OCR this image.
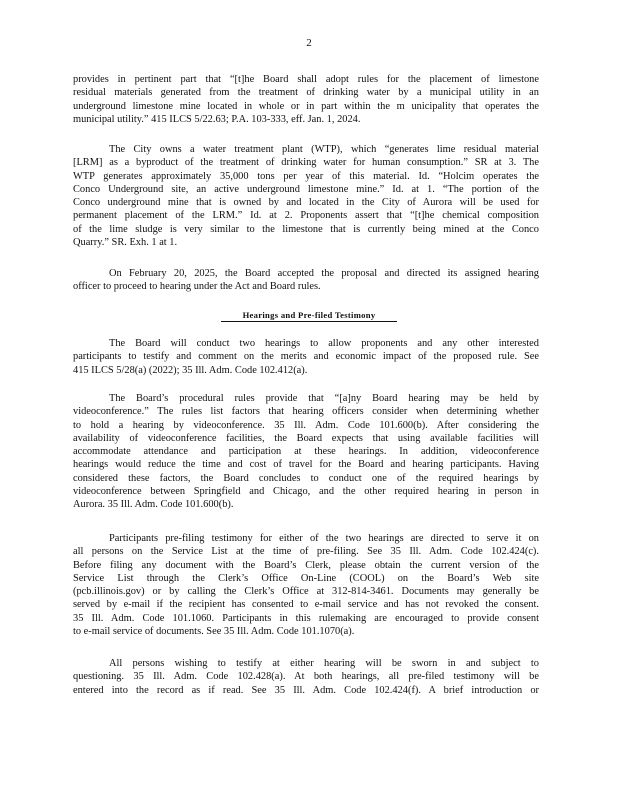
2
provides in pertinent part that “[t]he Board shall adopt rules for the placement of limestone
residual materials generated from the treatment of drinking water by a municipal utility in an
underground limestone mine located in whole or in part within the m unicipality that operates the
municipal utility.” 415 ILCS 5/22.63; P.A. 103-333, eff. Jan. 1, 2024.
The City owns a water treatment plant (WTP), which “generates lime residual material
[LRM] as a byproduct of the treatment of drinking water for human consumption.” SR at 3. The
WTP generates approximately 35,000 tons per year of this material. Id. “Holcim operates the
Conco Underground site, an active underground limestone mine.” Id. at 1. “The portion of the
Conco underground mine that is owned by and located in the City of Aurora will be used for
permanent placement of the LRM.” Id. at 2. Proponents assert that “[t]he chemical composition
of the lime sludge is very similar to the limestone that is currently being mined at the Conco
Quarry.” SR. Exh. 1 at 1.
On February 20, 2025, the Board accepted the proposal and directed its assigned hearing
officer to proceed to hearing under the Act and Board rules.
Hearings and Pre-filed Testimony
The Board will conduct two hearings to allow proponents and any other interested
participants to testify and comment on the merits and economic impact of the proposed rule. See
415 ILCS 5/28(a) (2022); 35 Ill. Adm. Code 102.412(a).
The Board’s procedural rules provide that “[a]ny Board hearing may be held by
videoconference.” The rules list factors that hearing officers consider when determining whether
to hold a hearing by videoconference. 35 Ill. Adm. Code 101.600(b). After considering the
availability of videoconference facilities, the Board expects that using available facilities will
accommodate attendance and participation at these hearings. In addition, videoconference
hearings would reduce the time and cost of travel for the Board and hearing participants. Having
considered these factors, the Board concludes to conduct one of the required hearings by
videoconference between Springfield and Chicago, and the other required hearing in person in
Aurora. 35 Ill. Adm. Code 101.600(b).
Participants pre-filing testimony for either of the two hearings are directed to serve it on
all persons on the Service List at the time of pre-filing. See 35 Ill. Adm. Code 102.424(c).
Before filing any document with the Board’s Clerk, please obtain the current version of the
Service List through the Clerk’s Office On-Line (COOL) on the Board’s Web site
(pcb.illinois.gov) or by calling the Clerk’s Office at 312-814-3461. Documents may generally be
served by e-mail if the recipient has consented to e-mail service and has not revoked the consent.
35 Ill. Adm. Code 101.1060. Participants in this rulemaking are encouraged to provide consent
to e-mail service of documents. See 35 Ill. Adm. Code 101.1070(a).
All persons wishing to testify at either hearing will be sworn in and subject to
questioning. 35 Ill. Adm. Code 102.428(a). At both hearings, all pre-filed testimony will be
entered into the record as if read. See 35 Ill. Adm. Code 102.424(f). A brief introduction or
